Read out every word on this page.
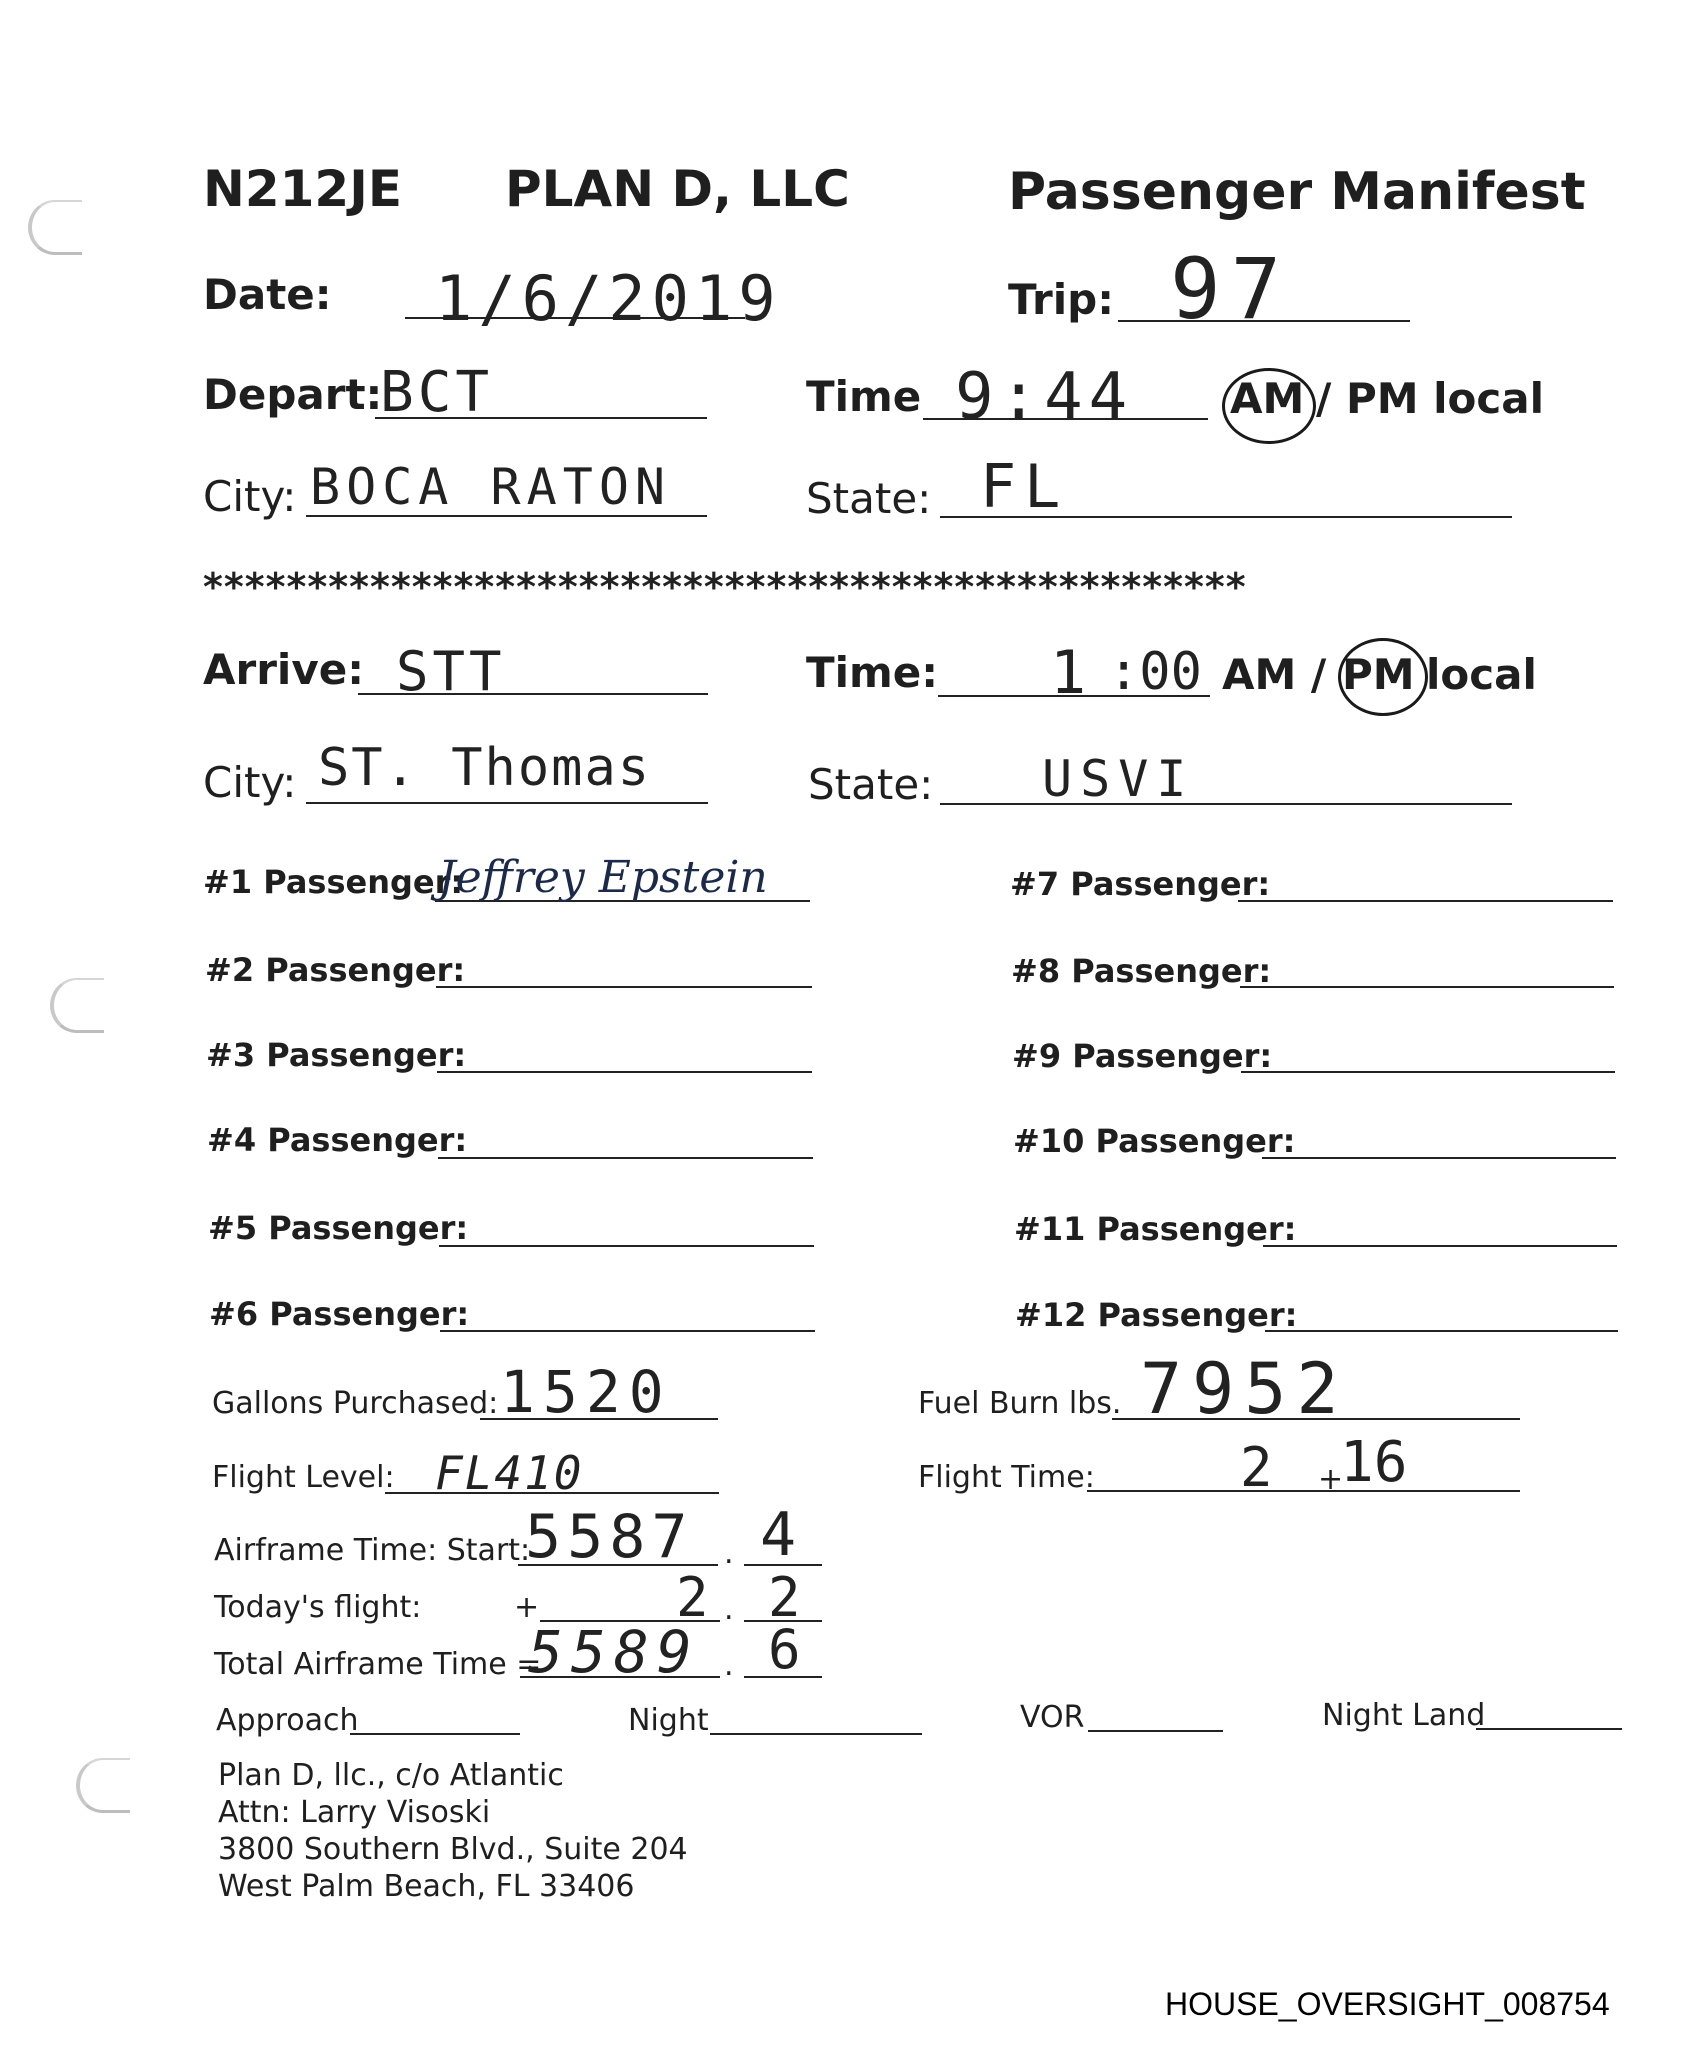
N212JE PLAN D, LLC	Passenger Manifest
Date: 1/6/2019	Trip: 97
Depart:
BCT	Time 9:44 AM / PM local
City: BOCA RATON	State: FL
**************************************************
Arrive: STT	Time: 1 :00 AM / PM local
City: ST. Thomas	State: USVI
#1 Passenger:
Jeffrey Epstein
#2 Passenger:
#3 Passenger:
#4 Passenger:
#5 Passenger:
#6 Passenger:
#7 Passenger:
#8 Passenger:
#9 Passenger:
#10 Passenger:
#11 Passenger:
#12 Passenger:
Gallons Purchased: 1520	Fuel Burn lbs. 7952
Flight Level: FL410	Flight Time:	2 +
16
Airframe Time: Start:
5587 . 4
Today's flight:	+	2 . 2
Total Airframe Time =
5589 . 6
Approach	Night	VOR	Night Land
Plan D, llc., c/o Atlantic
Attn: Larry Visoski
3800 Southern Blvd., Suite 204
West Palm Beach, FL 33406
HOUSE_OVERSIGHT_008754
